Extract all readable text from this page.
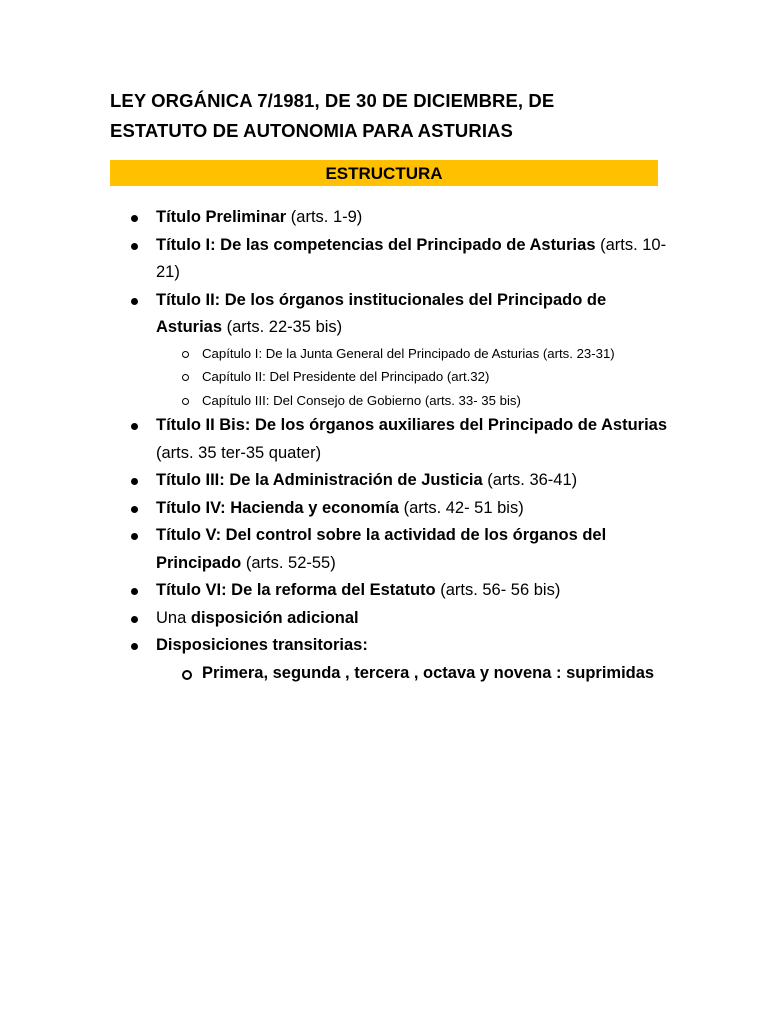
LEY ORGÁNICA 7/1981, DE 30 DE DICIEMBRE, DE
ESTATUTO DE AUTONOMIA PARA ASTURIAS
ESTRUCTURA
Título Preliminar (arts. 1-9)
Título I: De las competencias del Principado de Asturias (arts. 10-21)
Título II: De los órganos institucionales del Principado de Asturias (arts. 22-35 bis)
Capítulo I: De la Junta General del Principado de Asturias (arts. 23-31)
Capítulo II: Del Presidente del Principado (art.32)
Capítulo III: Del Consejo de Gobierno (arts. 33- 35 bis)
Título II Bis: De los órganos auxiliares del Principado de Asturias (arts. 35 ter-35 quater)
Título III: De la Administración de Justicia (arts. 36-41)
Título IV: Hacienda y economía (arts. 42- 51 bis)
Título V: Del control sobre la actividad de los órganos del Principado (arts. 52-55)
Título VI: De la reforma del Estatuto (arts. 56- 56 bis)
Una disposición adicional
Disposiciones transitorias:
Primera, segunda , tercera , octava y novena : suprimidas
